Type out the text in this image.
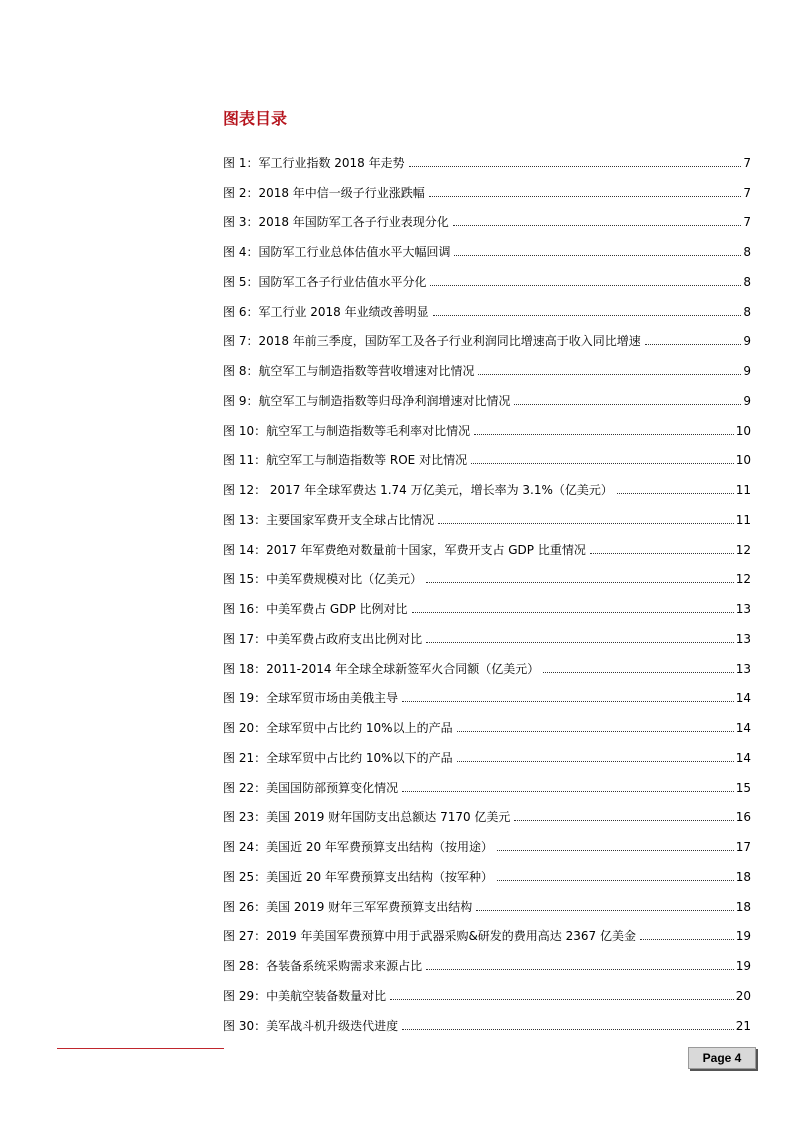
图表目录
图 1：军工行业指数 2018 年走势	7
图 2：2018 年中信一级子行业涨跌幅	7
图 3：2018 年国防军工各子行业表现分化	7
图 4：国防军工行业总体估值水平大幅回调	8
图 5：国防军工各子行业估值水平分化	8
图 6：军工行业 2018 年业绩改善明显	8
图 7：2018 年前三季度，国防军工及各子行业利润同比增速高于收入同比增速	9
图 8：航空军工与制造指数等营收增速对比情况	9
图 9：航空军工与制造指数等归母净利润增速对比情况	9
图 10：航空军工与制造指数等毛利率对比情况	10
图 11：航空军工与制造指数等 ROE 对比情况	10
图 12： 2017 年全球军费达 1.74 万亿美元，增长率为 3.1%（亿美元）	11
图 13：主要国家军费开支全球占比情况	11
图 14：2017 年军费绝对数量前十国家，军费开支占 GDP 比重情况	12
图 15：中美军费规模对比（亿美元）	12
图 16：中美军费占 GDP 比例对比	13
图 17：中美军费占政府支出比例对比	13
图 18：2011-2014 年全球全球新签军火合同额（亿美元）	13
图 19：全球军贸市场由美俄主导	14
图 20：全球军贸中占比约 10%以上的产品	14
图 21：全球军贸中占比约 10%以下的产品	14
图 22：美国国防部预算变化情况	15
图 23：美国 2019 财年国防支出总额达 7170 亿美元	16
图 24：美国近 20 年军费预算支出结构（按用途）	17
图 25：美国近 20 年军费预算支出结构（按军种）	18
图 26：美国 2019 财年三军军费预算支出结构	18
图 27：2019 年美国军费预算中用于武器采购&研发的费用高达 2367 亿美金	19
图 28：各装备系统采购需求来源占比	19
图 29：中美航空装备数量对比	20
图 30：美军战斗机升级迭代进度	21
Page 4
